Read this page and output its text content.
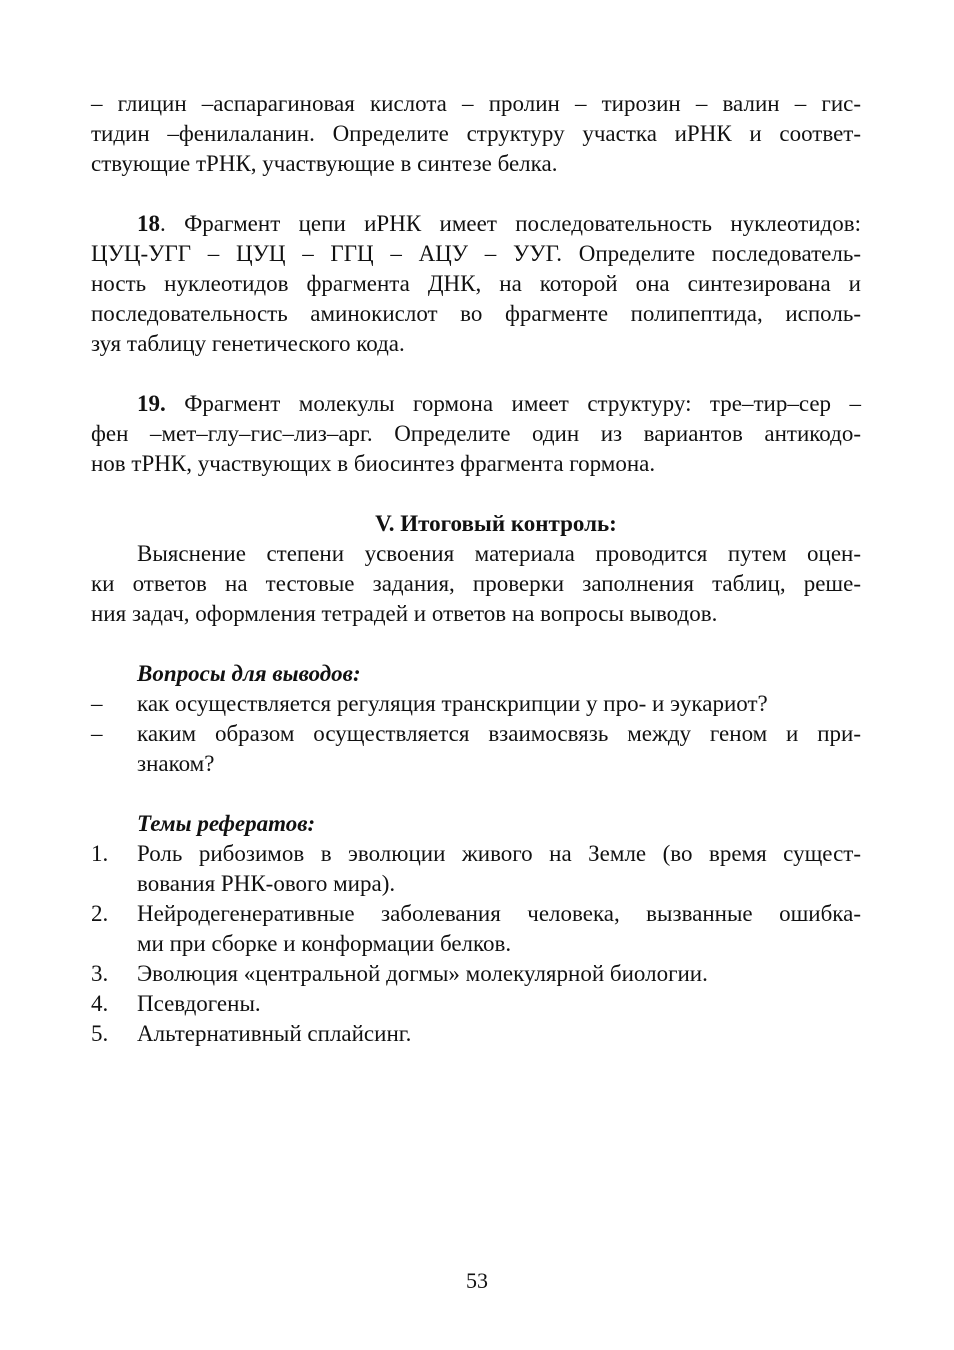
– глицин –аспарагиновая кислота – пролин – тирозин – валин – гис-
тидин –фенилаланин. Определите структуру участка иРНК и соответ-
ствующие тРНК, участвующие в синтезе белка.
18. Фрагмент цепи иРНК имеет последовательность нуклеотидов:
ЦУЦ-УГГ – ЦУЦ – ГГЦ – АЦУ – УУГ. Определите последователь-
ность нуклеотидов фрагмента ДНК, на которой она синтезирована и
последовательность аминокислот во фрагменте полипептида, исполь-
зуя таблицу генетического кода.
19. Фрагмент молекулы гормона имеет структуру: тре–тир–сер –
фен –мет–глу–гис–лиз–арг. Определите один из вариантов антикодо-
нов тРНК, участвующих в биосинтез фрагмента гормона.
V. Итоговый контроль:
Выяснение степени усвоения материала проводится путем оцен-
ки ответов на тестовые задания, проверки заполнения таблиц, реше-
ния задач, оформления тетрадей и ответов на вопросы выводов.
Вопросы для выводов:
–	как осуществляется регуляция транскрипции у про- и эукариот?
–	каким образом осуществляется взаимосвязь между геном и при-
знаком?
Темы рефератов:
1.	Роль рибозимов в эволюции живого на Земле (во время сущест-
вования РНК-ового мира).
2.	Нейродегенеративные заболевания человека, вызванные ошибка-
ми при сборке и конформации белков.
3.	Эволюция «центральной догмы» молекулярной биологии.
4.	Псевдогены.
5.	Альтернативный сплайсинг.
53
